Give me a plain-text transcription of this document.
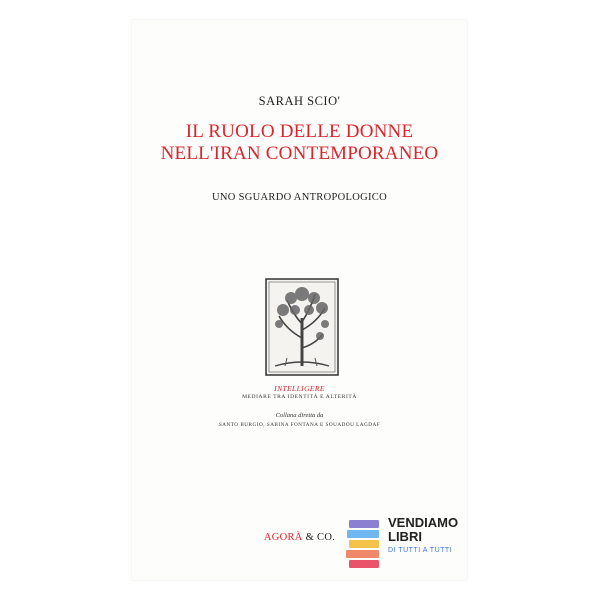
SARAH SCIO'
IL RUOLO DELLE DONNE
NELL'IRAN CONTEMPORANEO
UNO SGUARDO ANTROPOLOGICO
INTELLIGERE
MEDIARE TRA IDENTITÀ E ALTERITÀ
Collana diretta da
SANTO BURGIO, SABINA FONTANA E SOUADOU LAGDAF
AGORÀ & CO.
VENDIAMO
LIBRI
DI TUTTI A TUTTI
